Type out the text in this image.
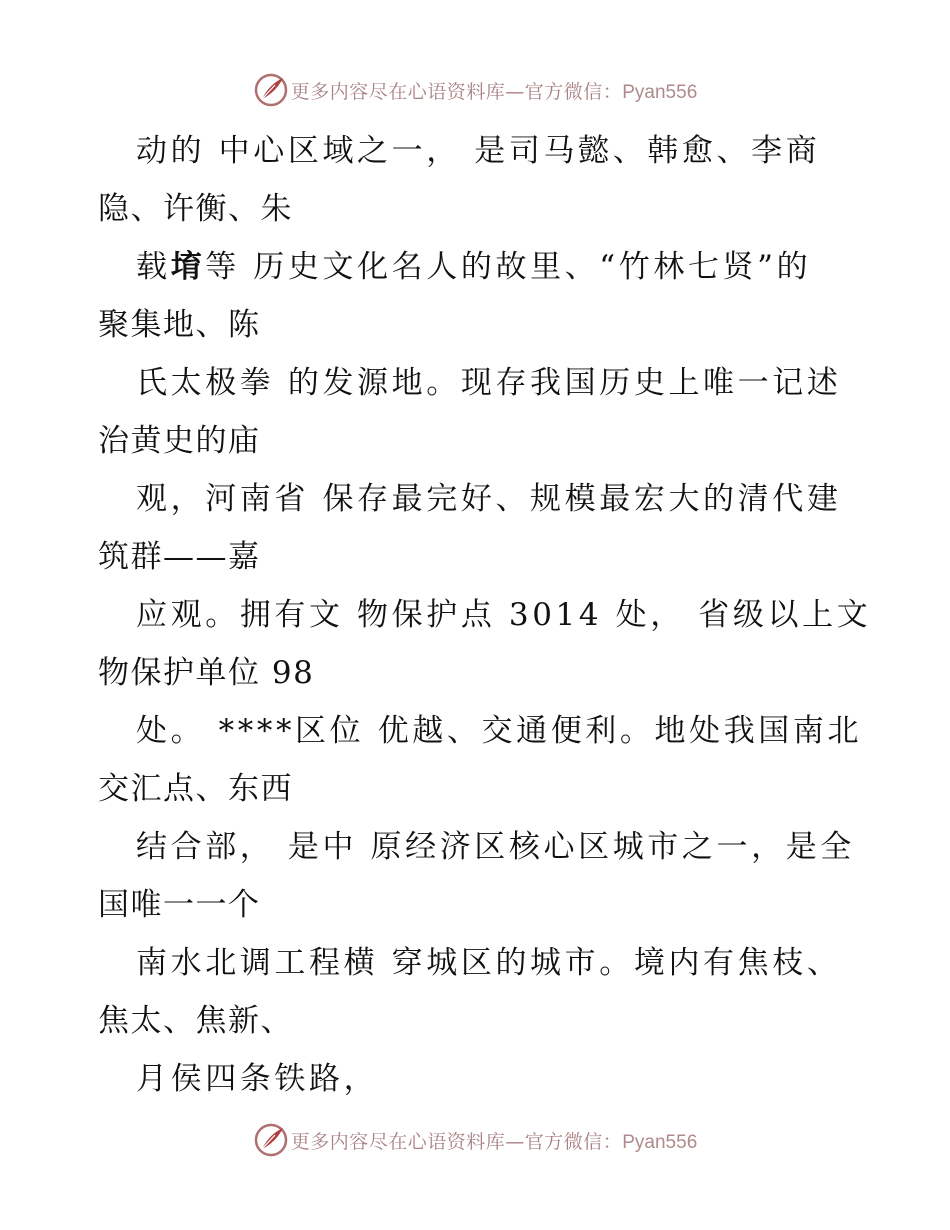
更多内容尽在心语资料库—官方微信：Pyan556
动的 中心区域之一， 是司马懿、韩愈、李商
隐、许衡、朱
载堉等 历史文化名人的故里、“竹林七贤”的
聚集地、陈
氏太极拳 的发源地。现存我国历史上唯一记述
治黄史的庙
观，河南省 保存最完好、规模最宏大的清代建
筑群——嘉
应观。拥有文 物保护点 3014 处， 省级以上文
物保护单位 98
处。 ****区位 优越、交通便利。地处我国南北
交汇点、东西
结合部， 是中 原经济区核心区城市之一，是全
国唯一一个
南水北调工程横 穿城区的城市。境内有焦枝、
焦太、焦新、
月侯四条铁路，
更多内容尽在心语资料库—官方微信：Pyan556
